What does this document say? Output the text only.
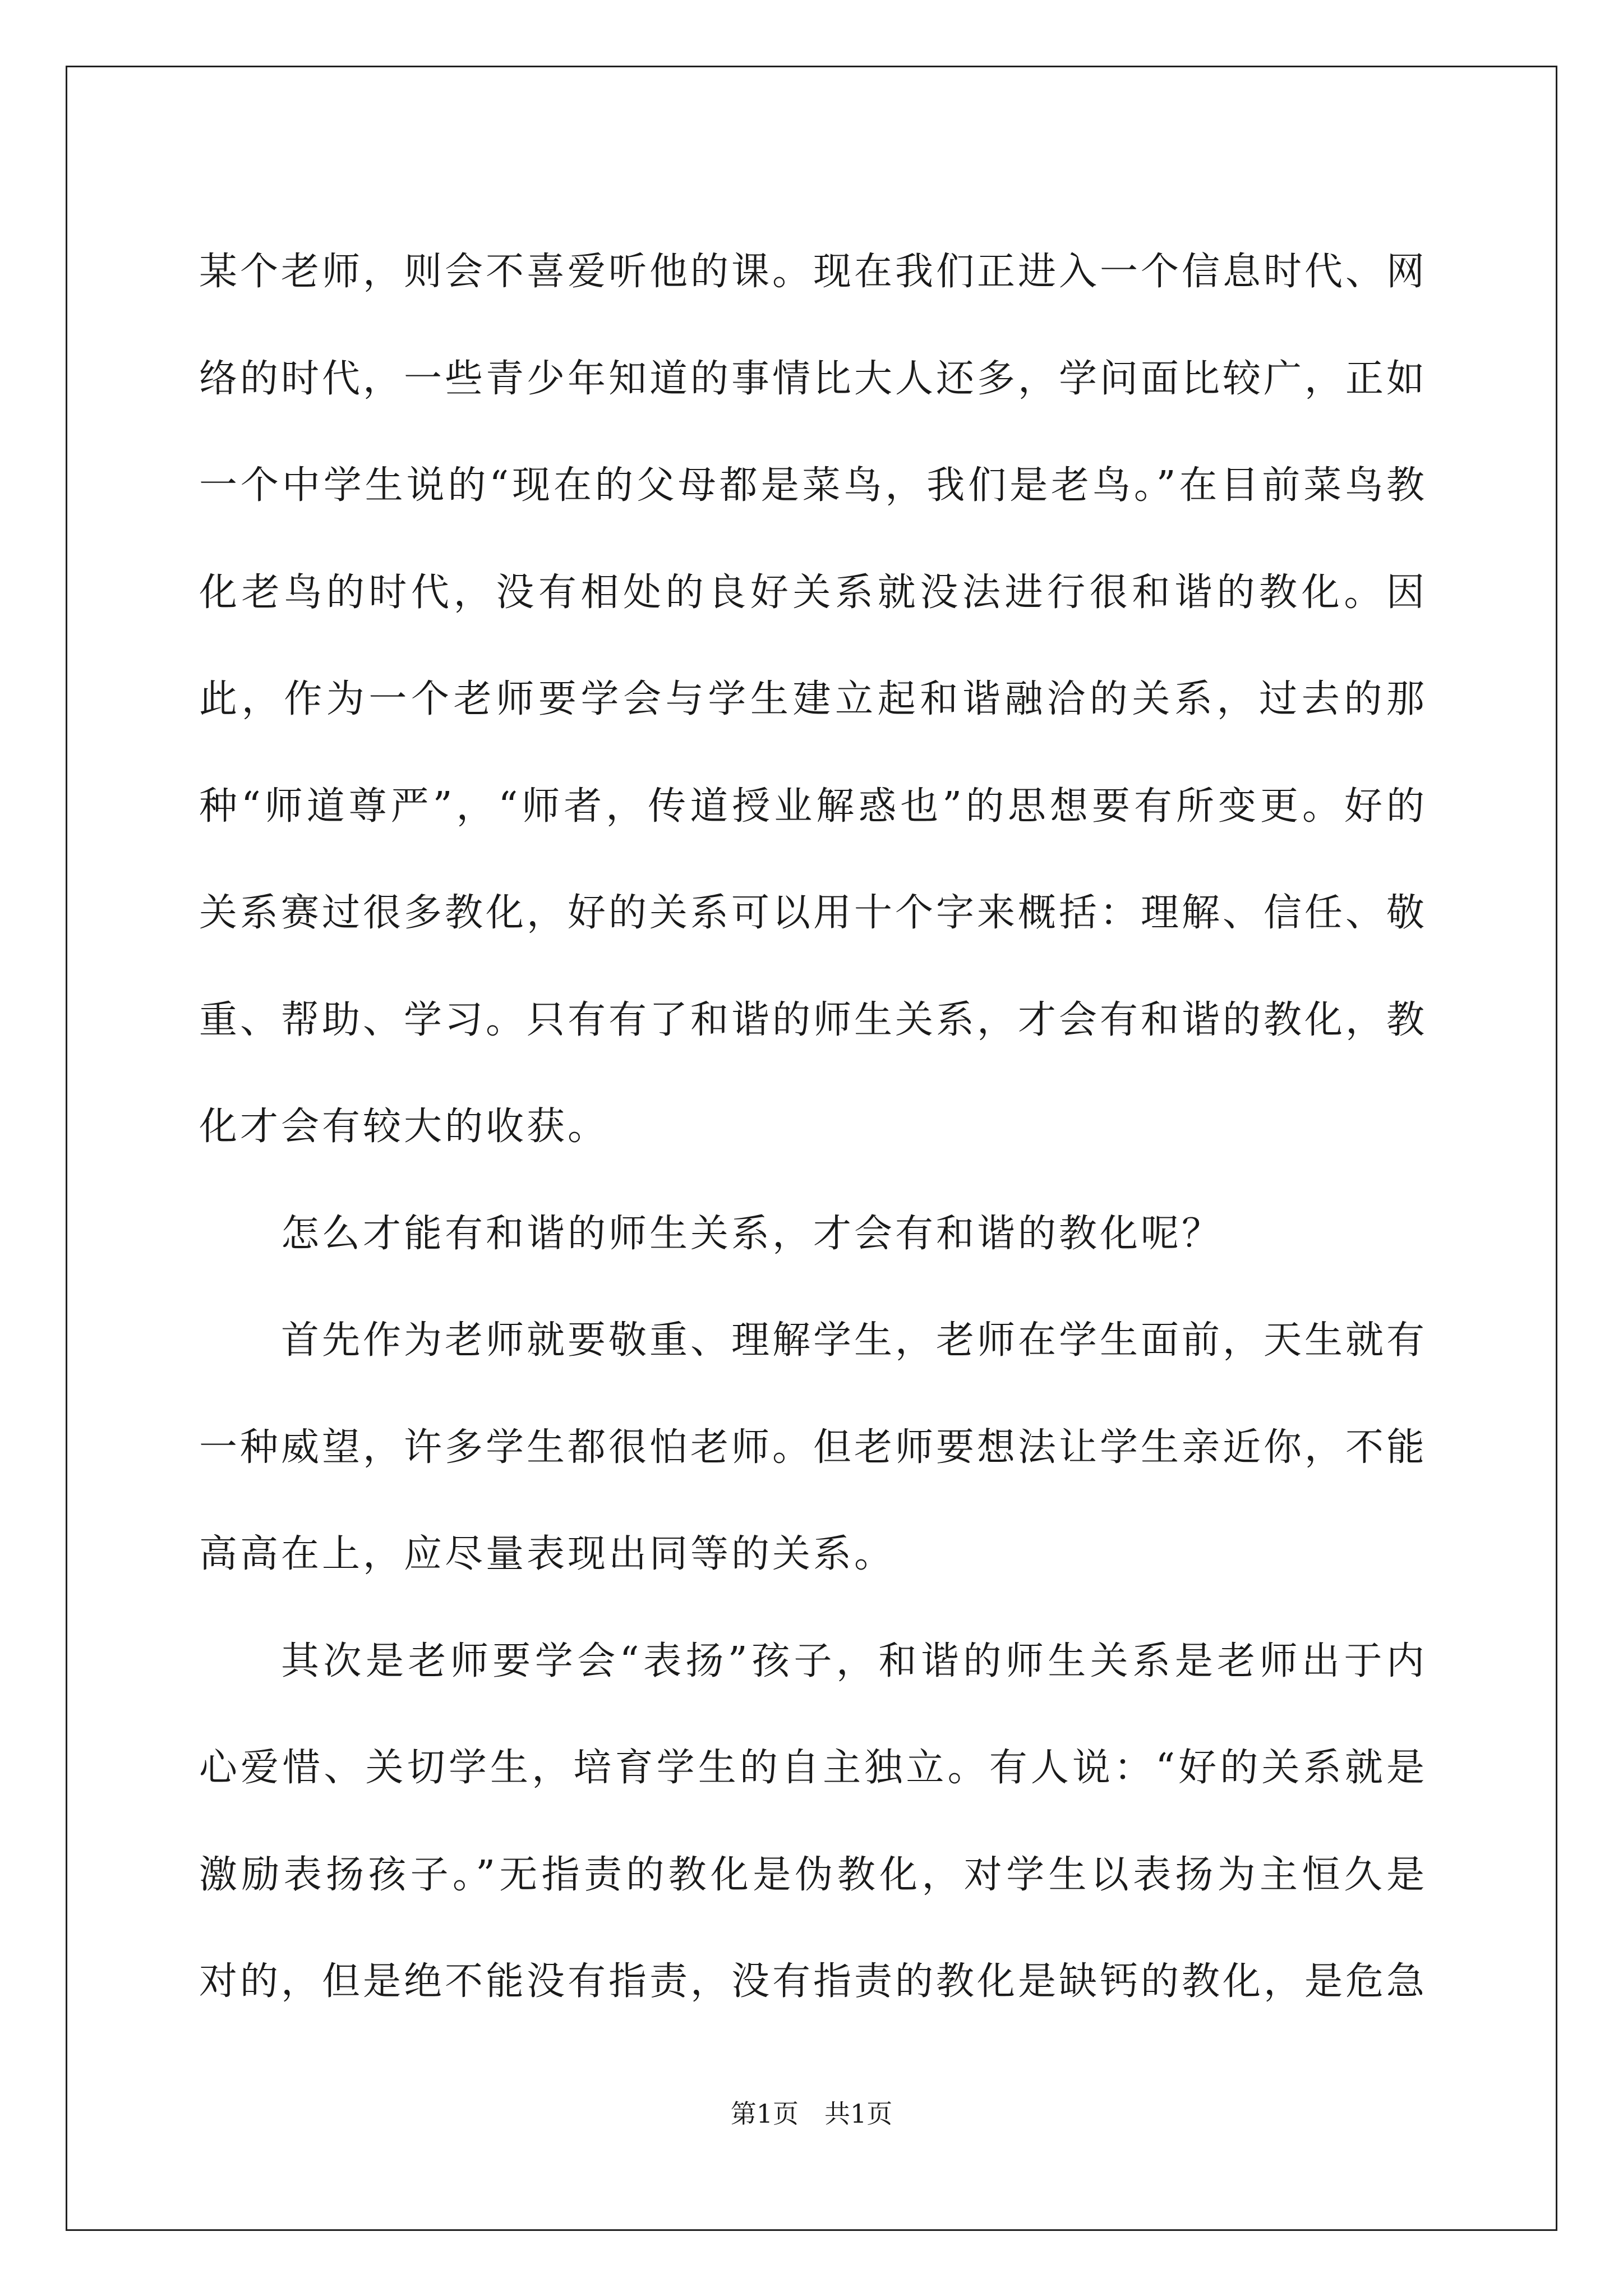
某个老师，则会不喜爱听他的课。现在我们正进入一个信息时代、网络的时代，一些青少年知道的事情比大人还多，学问面比较广，正如一个中学生说的“现在的父母都是菜鸟，我们是老鸟。”在目前菜鸟教化老鸟的时代，没有相处的良好关系就没法进行很和谐的教化。因此，作为一个老师要学会与学生建立起和谐融洽的关系，过去的那种“师道尊严”，“师者，传道授业解惑也”的思想要有所变更。好的关系赛过很多教化，好的关系可以用十个字来概括：理解、信任、敬重、帮助、学习。只有有了和谐的师生关系，才会有和谐的教化，教化才会有较大的收获。

怎么才能有和谐的师生关系，才会有和谐的教化呢？

首先作为老师就要敬重、理解学生，老师在学生面前，天生就有一种威望，许多学生都很怕老师。但老师要想法让学生亲近你，不能高高在上，应尽量表现出同等的关系。

其次是老师要学会“表扬”孩子，和谐的师生关系是老师出于内心爱惜、关切学生，培育学生的自主独立。有人说：“好的关系就是激励表扬孩子。”无指责的教化是伪教化，对学生以表扬为主恒久是对的，但是绝不能没有指责，没有指责的教化是缺钙的教化，是危急

第1页 共1页
